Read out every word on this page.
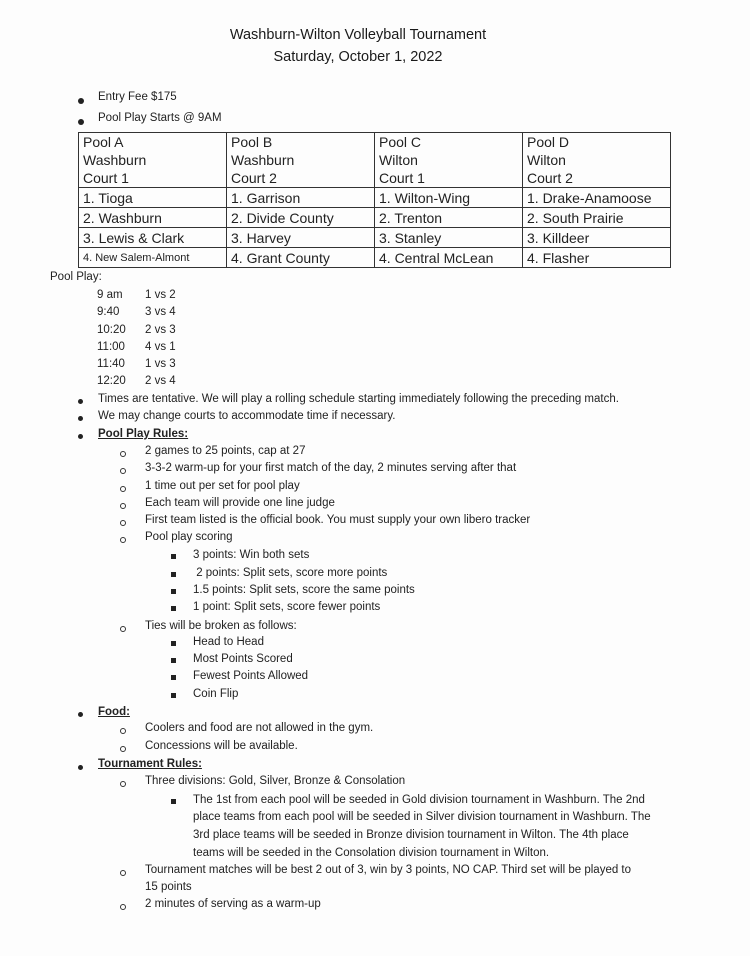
Washburn-Wilton Volleyball Tournament
Saturday, October 1, 2022
Entry Fee $175
Pool Play Starts @ 9AM
Pool A	Pool B	Pool C	Pool D
Washburn	Washburn	Wilton	Wilton
Court 1	Court 2	Court 1	Court 2
1. Tioga	1. Garrison	1. Wilton-Wing	1. Drake-Anamoose
2. Washburn	2. Divide County	2. Trenton	2. South Prairie
3. Lewis & Clark	3. Harvey	3. Stanley	3. Killdeer
4. New Salem-Almont	4. Grant County	4. Central McLean	4. Flasher
Pool Play:
9 am 1 vs 2
9:40 3 vs 4
10:20 2 vs 3
11:00 4 vs 1
11:40 1 vs 3
12:20 2 vs 4
Times are tentative. We will play a rolling schedule starting immediately following the preceding match.
We may change courts to accommodate time if necessary.
Pool Play Rules:
2 games to 25 points, cap at 27
3-3-2 warm-up for your first match of the day, 2 minutes serving after that
1 time out per set for pool play
Each team will provide one line judge
First team listed is the official book. You must supply your own libero tracker
Pool play scoring
3 points: Win both sets
2 points: Split sets, score more points
1.5 points: Split sets, score the same points
1 point: Split sets, score fewer points
Ties will be broken as follows:
Head to Head
Most Points Scored
Fewest Points Allowed
Coin Flip
Food:
Coolers and food are not allowed in the gym.
Concessions will be available.
Tournament Rules:
Three divisions: Gold, Silver, Bronze & Consolation
The 1st from each pool will be seeded in Gold division tournament in Washburn. The 2nd
place teams from each pool will be seeded in Silver division tournament in Washburn. The
3rd place teams will be seeded in Bronze division tournament in Wilton. The 4th place
teams will be seeded in the Consolation division tournament in Wilton.
Tournament matches will be best 2 out of 3, win by 3 points, NO CAP. Third set will be played to
15 points
2 minutes of serving as a warm-up
